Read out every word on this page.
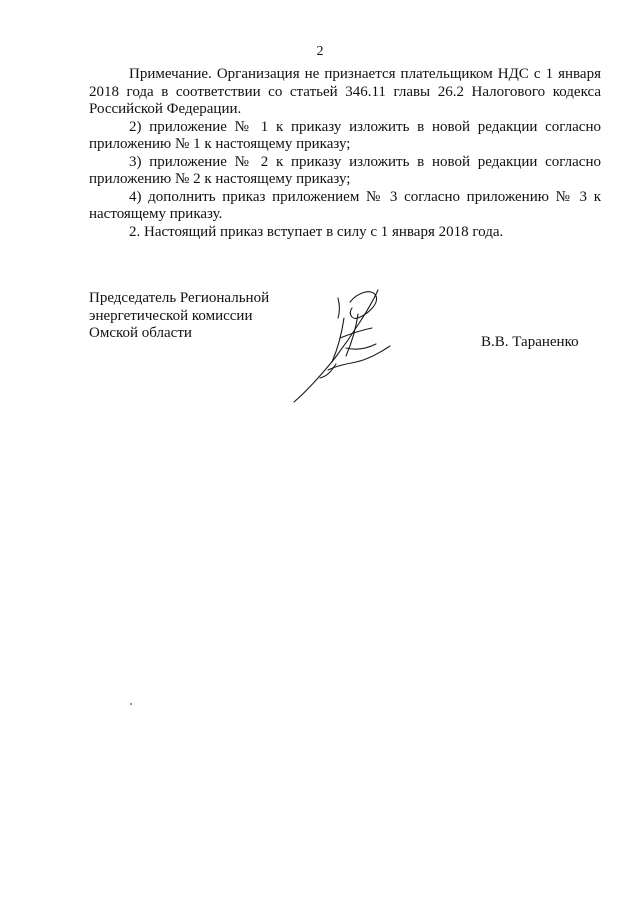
2

Примечание. Организация не признается плательщиком НДС с 1 января 2018 года в соответствии со статьей 346.11 главы 26.2 Налогового кодекса Российской Федерации.

2) приложение № 1 к приказу изложить в новой редакции согласно приложению № 1 к настоящему приказу;

3) приложение № 2 к приказу изложить в новой редакции согласно приложению № 2 к настоящему приказу;

4) дополнить приказ приложением № 3 согласно приложению № 3 к настоящему приказу.

2. Настоящий приказ вступает в силу с 1 января 2018 года.

Председатель Региональной
энергетической комиссии
Омской области
В.В. Тараненко
